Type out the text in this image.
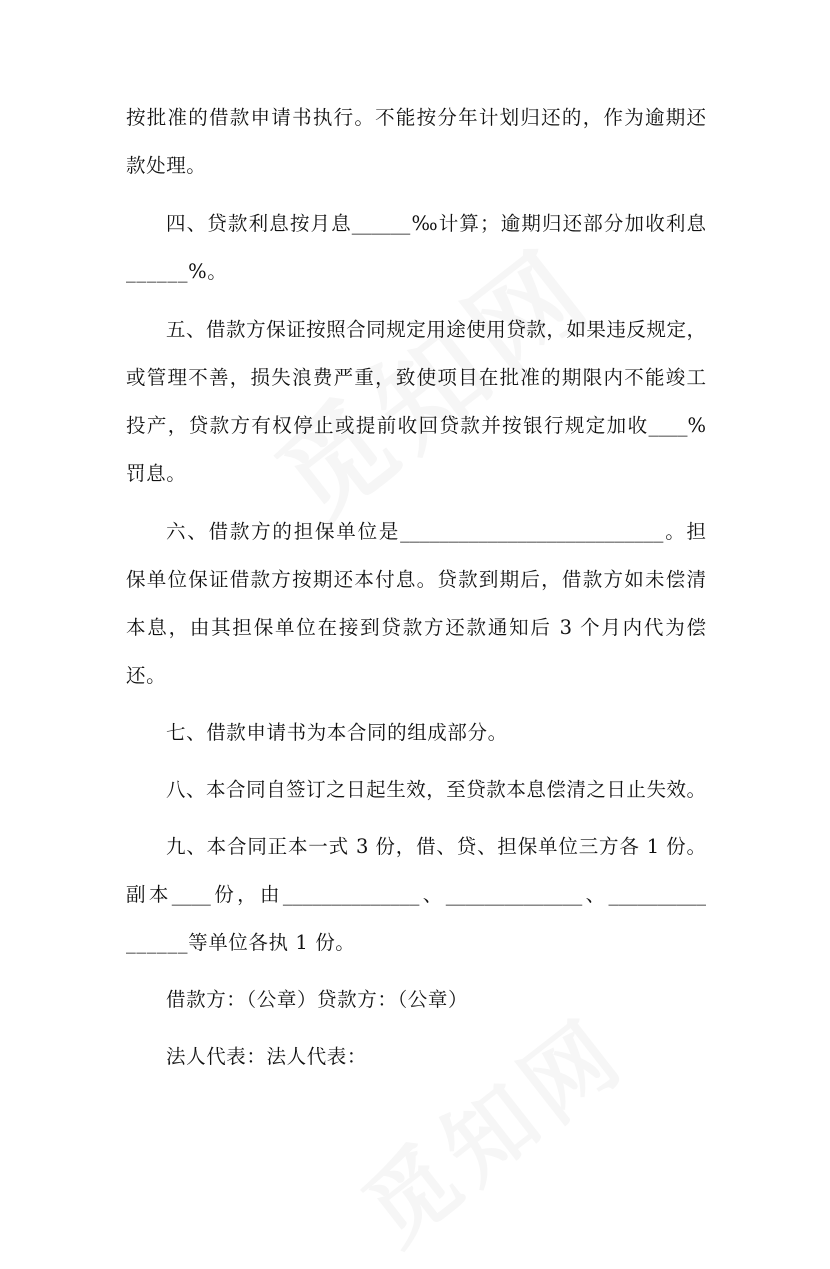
按批准的借款申请书执行。不能按分年计划归还的，作为逾期还
款处理。
四、贷款利息按月息______‰计算；逾期归还部分加收利息
______%。
五、借款方保证按照合同规定用途使用贷款，如果违反规定，
或管理不善，损失浪费严重，致使项目在批准的期限内不能竣工
投产，贷款方有权停止或提前收回贷款并按银行规定加收____%
罚息。
六、借款方的担保单位是___________________________。担
保单位保证借款方按期还本付息。贷款到期后，借款方如未偿清
本息，由其担保单位在接到贷款方还款通知后 3 个月内代为偿
还。
七、借款申请书为本合同的组成部分。
八、本合同自签订之日起生效，至贷款本息偿清之日止失效。
九、本合同正本一式 3 份，借、贷、担保单位三方各 1 份。
副本____份，由______________、______________、__________
______等单位各执 1 份。
借款方：（公章）贷款方：（公章）
法人代表：法人代表：
